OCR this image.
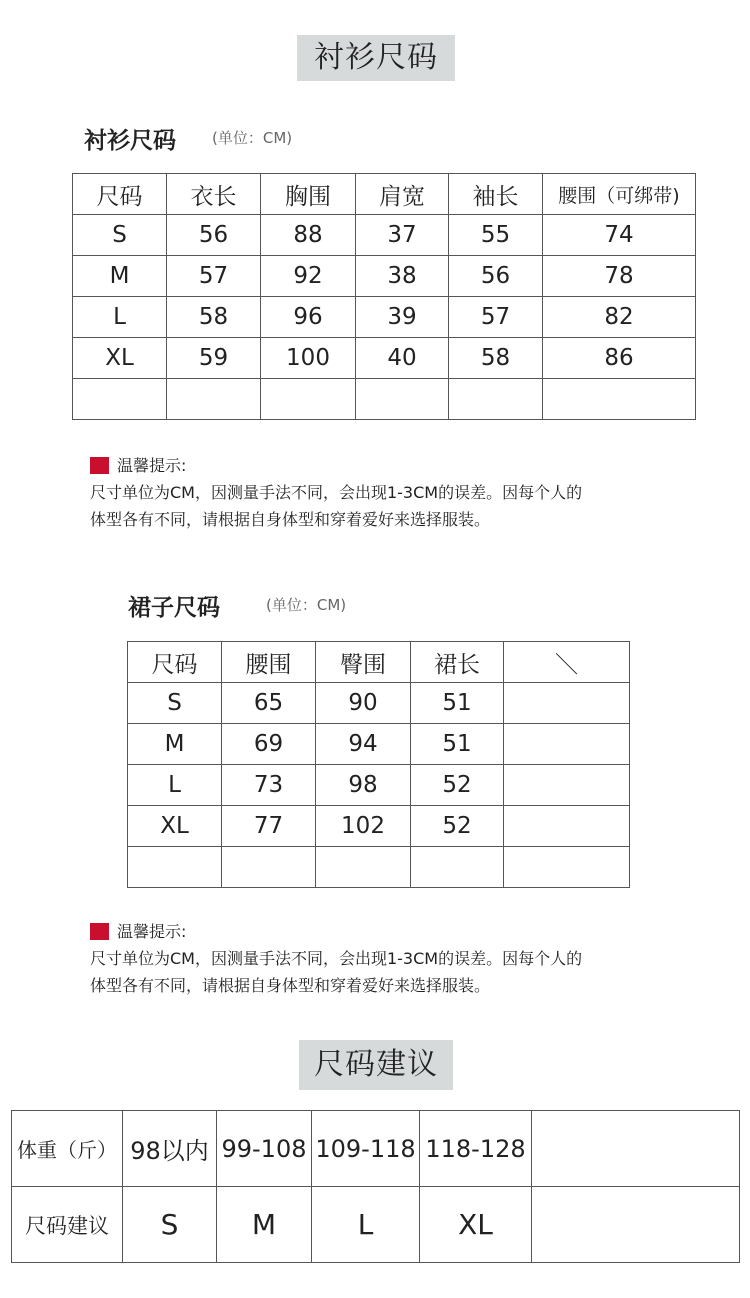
衬衫尺码
衬衫尺码 (单位：CM)
尺码	衣长	胸围	肩宽	袖长	腰围（可绑带)
S	56	88	37	55	74
M	57	92	38	56	78
L	58	96	39	57	82
XL	59	100	40	58	86

温馨提示:
尺寸单位为CM，因测量手法不同，会出现1-3CM的误差。因每个人的
体型各有不同，请根据自身体型和穿着爱好来选择服装。
裙子尺码	(单位：CM)
尺码	腰围	臀围	裙长	＼
S	65	90	51	
M	69	94	51	
L	73	98	52	
XL	77	102	52	

温馨提示:
尺寸单位为CM，因测量手法不同，会出现1-3CM的误差。因每个人的
体型各有不同，请根据自身体型和穿着爱好来选择服装。
尺码建议
体重（斤）	98以内	99-108	109-118	118-128	
尺码建议	S	M	L	XL	
